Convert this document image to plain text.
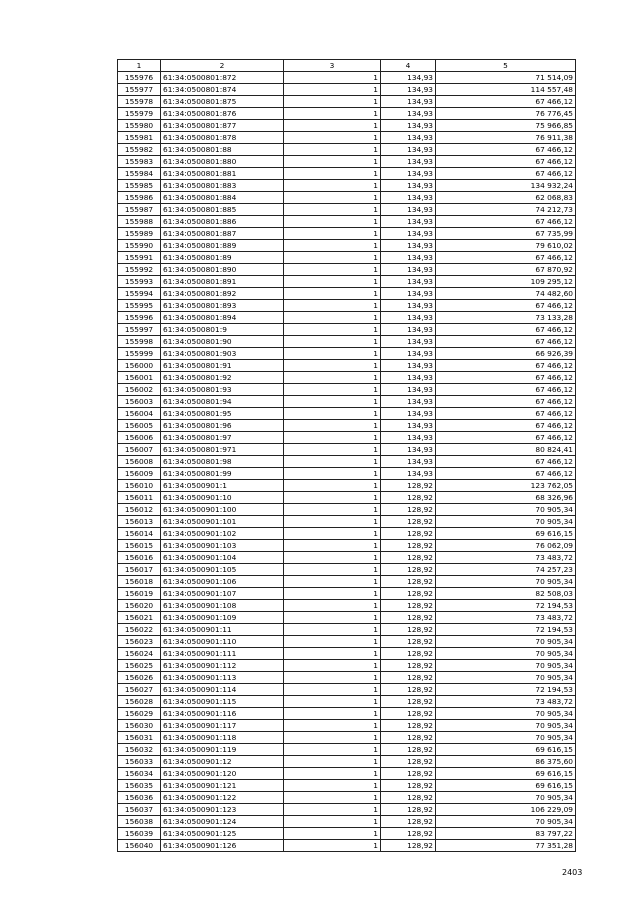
1	2	3	4	5
155976	61:34:0500801:872	1	134,93	71 514,09
155977	61:34:0500801:874	1	134,93	114 557,48
155978	61:34:0500801:875	1	134,93	67 466,12
155979	61:34:0500801:876	1	134,93	76 776,45
155980	61:34:0500801:877	1	134,93	75 966,85
155981	61:34:0500801:878	1	134,93	76 911,38
155982	61:34:0500801:88	1	134,93	67 466,12
155983	61:34:0500801:880	1	134,93	67 466,12
155984	61:34:0500801:881	1	134,93	67 466,12
155985	61:34:0500801:883	1	134,93	134 932,24
155986	61:34:0500801:884	1	134,93	62 068,83
155987	61:34:0500801:885	1	134,93	74 212,73
155988	61:34:0500801:886	1	134,93	67 466,12
155989	61:34:0500801:887	1	134,93	67 735,99
155990	61:34:0500801:889	1	134,93	79 610,02
155991	61:34:0500801:89	1	134,93	67 466,12
155992	61:34:0500801:890	1	134,93	67 870,92
155993	61:34:0500801:891	1	134,93	109 295,12
155994	61:34:0500801:892	1	134,93	74 482,60
155995	61:34:0500801:893	1	134,93	67 466,12
155996	61:34:0500801:894	1	134,93	73 133,28
155997	61:34:0500801:9	1	134,93	67 466,12
155998	61:34:0500801:90	1	134,93	67 466,12
155999	61:34:0500801:903	1	134,93	66 926,39
156000	61:34:0500801:91	1	134,93	67 466,12
156001	61:34:0500801:92	1	134,93	67 466,12
156002	61:34:0500801:93	1	134,93	67 466,12
156003	61:34:0500801:94	1	134,93	67 466,12
156004	61:34:0500801:95	1	134,93	67 466,12
156005	61:34:0500801:96	1	134,93	67 466,12
156006	61:34:0500801:97	1	134,93	67 466,12
156007	61:34:0500801:971	1	134,93	80 824,41
156008	61:34:0500801:98	1	134,93	67 466,12
156009	61:34:0500801:99	1	134,93	67 466,12
156010	61:34:0500901:1	1	128,92	123 762,05
156011	61:34:0500901:10	1	128,92	68 326,96
156012	61:34:0500901:100	1	128,92	70 905,34
156013	61:34:0500901:101	1	128,92	70 905,34
156014	61:34:0500901:102	1	128,92	69 616,15
156015	61:34:0500901:103	1	128,92	76 062,09
156016	61:34:0500901:104	1	128,92	73 483,72
156017	61:34:0500901:105	1	128,92	74 257,23
156018	61:34:0500901:106	1	128,92	70 905,34
156019	61:34:0500901:107	1	128,92	82 508,03
156020	61:34:0500901:108	1	128,92	72 194,53
156021	61:34:0500901:109	1	128,92	73 483,72
156022	61:34:0500901:11	1	128,92	72 194,53
156023	61:34:0500901:110	1	128,92	70 905,34
156024	61:34:0500901:111	1	128,92	70 905,34
156025	61:34:0500901:112	1	128,92	70 905,34
156026	61:34:0500901:113	1	128,92	70 905,34
156027	61:34:0500901:114	1	128,92	72 194,53
156028	61:34:0500901:115	1	128,92	73 483,72
156029	61:34:0500901:116	1	128,92	70 905,34
156030	61:34:0500901:117	1	128,92	70 905,34
156031	61:34:0500901:118	1	128,92	70 905,34
156032	61:34:0500901:119	1	128,92	69 616,15
156033	61:34:0500901:12	1	128,92	86 375,60
156034	61:34:0500901:120	1	128,92	69 616,15
156035	61:34:0500901:121	1	128,92	69 616,15
156036	61:34:0500901:122	1	128,92	70 905,34
156037	61:34:0500901:123	1	128,92	106 229,09
156038	61:34:0500901:124	1	128,92	70 905,34
156039	61:34:0500901:125	1	128,92	83 797,22
156040	61:34:0500901:126	1	128,92	77 351,28
2403
